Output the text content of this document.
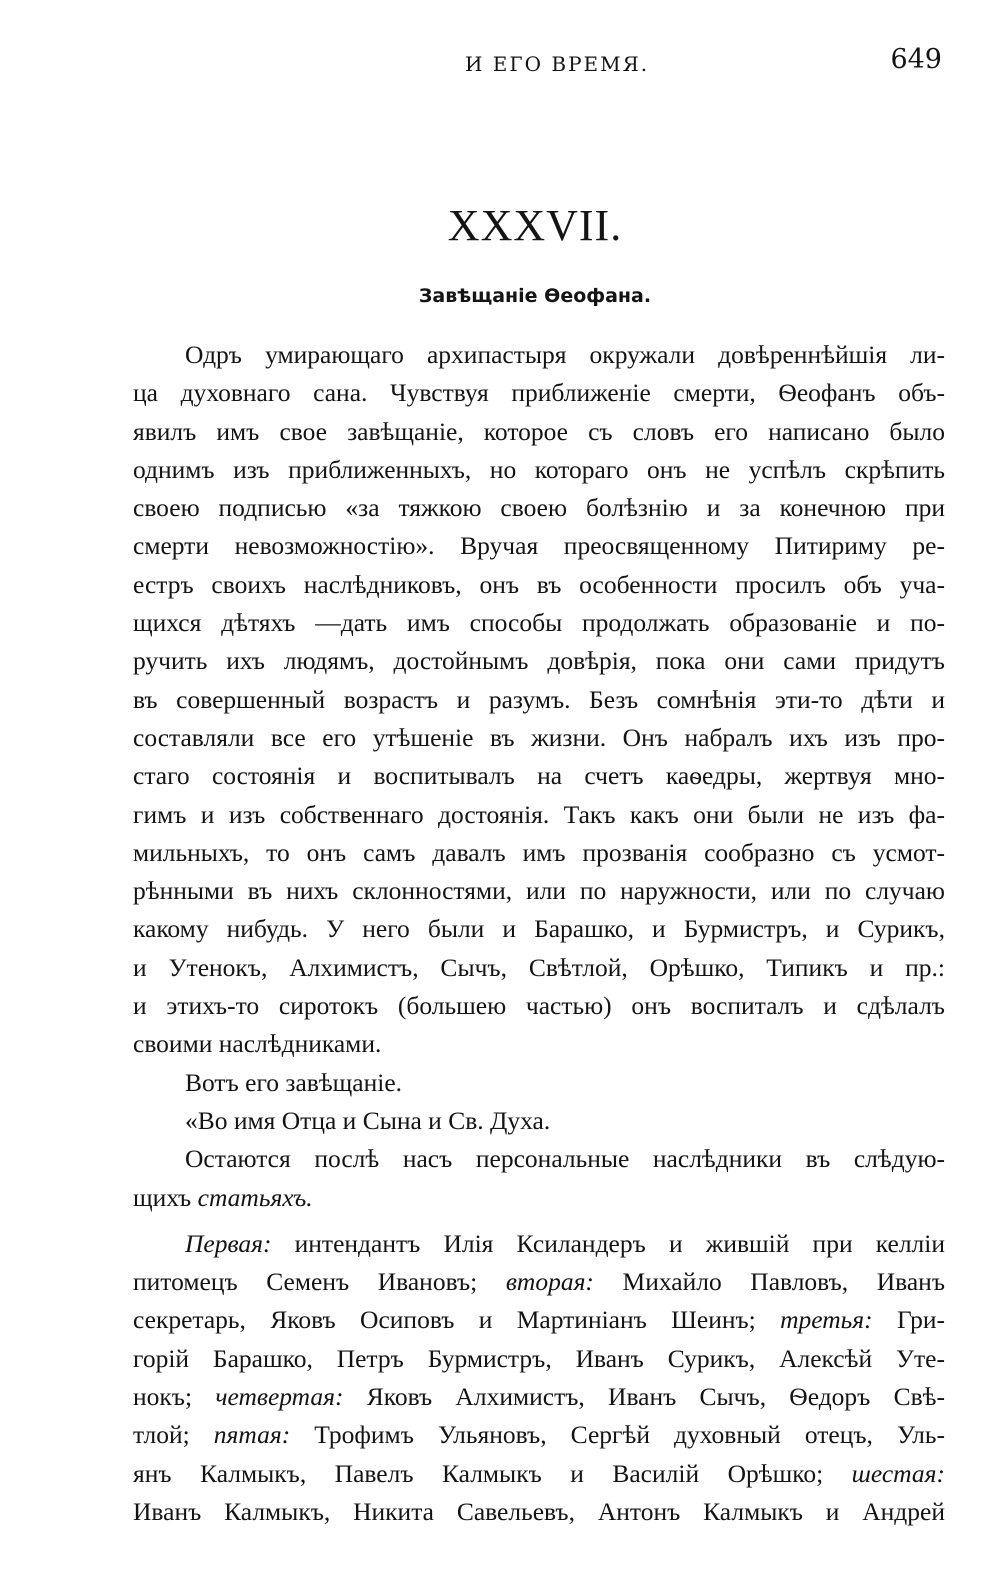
И ЕГО ВРЕМЯ.	649
XXXVII.
Завѣщаніе Ѳеофана.
Одръ умирающаго архипастыря окружали довѣреннѣйшія ли-
ца духовнаго сана. Чувствуя приближеніе смерти, Ѳеофанъ объ-
явилъ имъ свое завѣщаніе, которое съ словъ его написано было
однимъ изъ приближенныхъ, но котораго онъ не успѣлъ скрѣпить
своею подписью «за тяжкою своею болѣзнію и за конечною при
смерти невозможностію». Вручая преосвященному Питириму ре-
естръ своихъ наслѣдниковъ, онъ въ особенности просилъ объ уча-
щихся дѣтяхъ —дать имъ способы продолжать образованіе и по-
ручить ихъ людямъ, достойнымъ довѣрія, пока они сами придутъ
въ совершенный возрастъ и разумъ. Безъ сомнѣнія эти-то дѣти и
составляли все его утѣшеніе въ жизни. Онъ набралъ ихъ изъ про-
стаго состоянія и воспитывалъ на счетъ каѳедры, жертвуя мно-
гимъ и изъ собственнаго достоянія. Такъ какъ они были не изъ фа-
мильныхъ, то онъ самъ давалъ имъ прозванія сообразно съ усмот-
рѣнными въ нихъ склонностями, или по наружности, или по случаю
какому нибудь. У него были и Барашко, и Бурмистръ, и Сурикъ,
и Утенокъ, Алхимистъ, Сычъ, Свѣтлой, Орѣшко, Типикъ и пр.:
и этихъ-то сиротокъ (большею частью) онъ воспиталъ и сдѣлалъ
своими наслѣдниками.
Вотъ его завѣщаніе.
«Во имя Отца и Сына и Св. Духа.
Остаются послѣ насъ персональные наслѣдники въ слѣдую-
щихъ статьяхъ.
Первая: интендантъ Илія Ксиландеръ и жившій при келліи
питомецъ Семенъ Ивановъ; вторая: Михайло Павловъ, Иванъ
секретарь, Яковъ Осиповъ и Мартиніанъ Шеинъ; третья: Гри-
горій Барашко, Петръ Бурмистръ, Иванъ Сурикъ, Алексѣй Уте-
нокъ; четвертая: Яковъ Алхимистъ, Иванъ Сычъ, Ѳедоръ Свѣ-
тлой; пятая: Трофимъ Ульяновъ, Сергѣй духовный отецъ, Уль-
янъ Калмыкъ, Павелъ Калмыкъ и Василій Орѣшко; шестая:
Иванъ Калмыкъ, Никита Савельевъ, Антонъ Калмыкъ и Андрей
